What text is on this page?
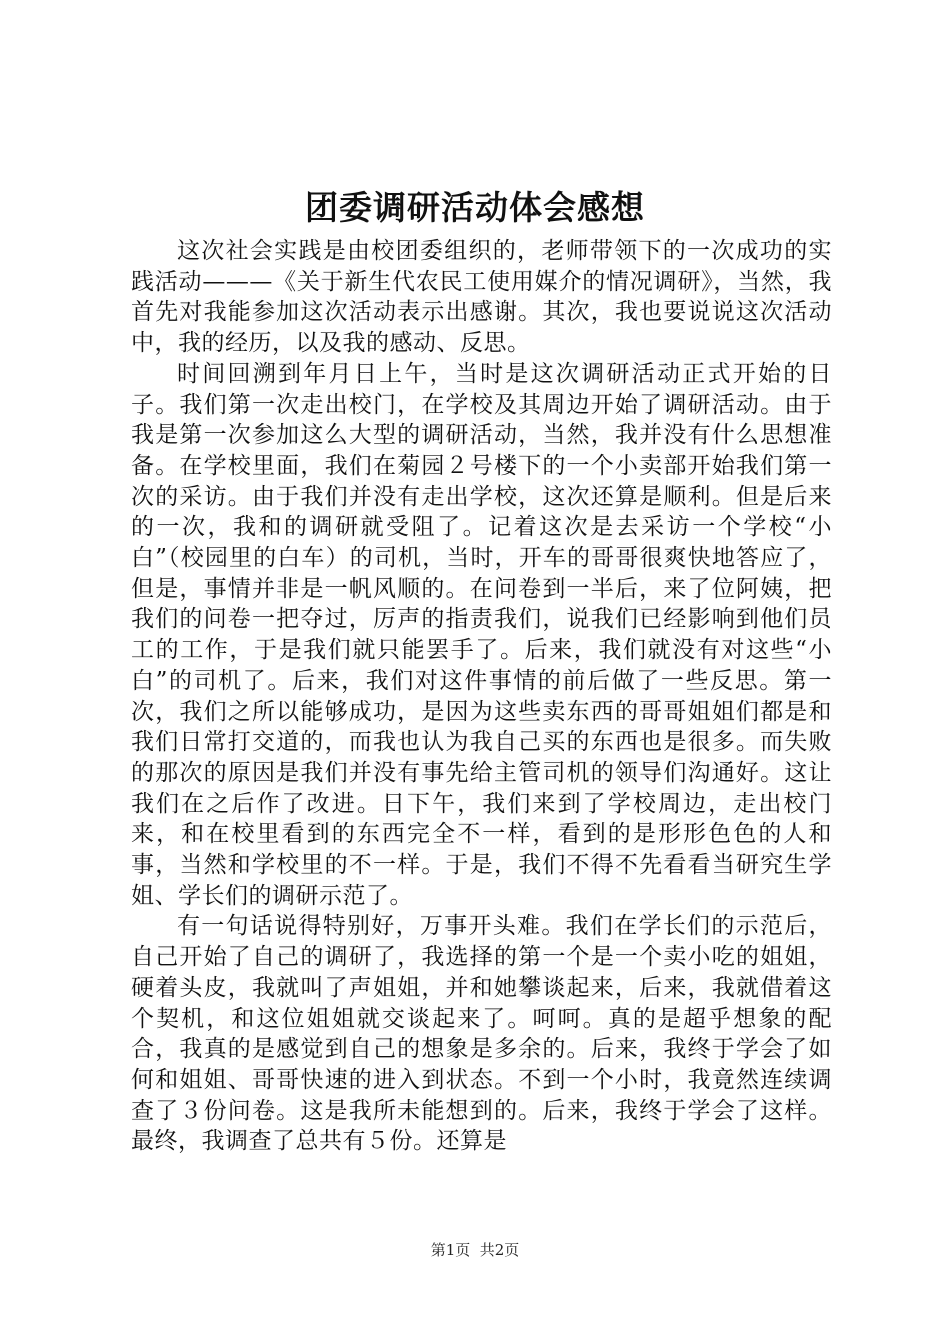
团委调研活动体会感想

这次社会实践是由校团委组织的，老师带领下的一次成功的实践活动———《关于新生代农民工使用媒介的情况调研》，当然，我首先对我能参加这次活动表示出感谢。其次，我也要说说这次活动中，我的经历，以及我的感动、反思。

时间回溯到年月日上午，当时是这次调研活动正式开始的日子。我们第一次走出校门，在学校及其周边开始了调研活动。由于我是第一次参加这么大型的调研活动，当然，我并没有什么思想准备。在学校里面，我们在菊园２号楼下的一个小卖部开始我们第一次的采访。由于我们并没有走出学校，这次还算是顺利。但是后来的一次，我和的调研就受阻了。记着这次是去采访一个学校“小白”（校园里的白车）的司机，当时，开车的哥哥很爽快地答应了，但是，事情并非是一帆风顺的。在问卷到一半后，来了位阿姨，把我们的问卷一把夺过，厉声的指责我们，说我们已经影响到他们员工的工作，于是我们就只能罢手了。后来，我们就没有对这些“小白”的司机了。后来，我们对这件事情的前后做了一些反思。第一次，我们之所以能够成功，是因为这些卖东西的哥哥姐姐们都是和我们日常打交道的，而我也认为我自己买的东西也是很多。而失败的那次的原因是我们并没有事先给主管司机的领导们沟通好。这让我们在之后作了改进。日下午，我们来到了学校周边，走出校门来，和在校里看到的东西完全不一样，看到的是形形色色的人和事，当然和学校里的不一样。于是，我们不得不先看看当研究生学姐、学长们的调研示范了。

有一句话说得特别好，万事开头难。我们在学长们的示范后，自己开始了自己的调研了，我选择的第一个是一个卖小吃的姐姐，硬着头皮，我就叫了声姐姐，并和她攀谈起来，后来，我就借着这个契机，和这位姐姐就交谈起来了。呵呵。真的是超乎想象的配合，我真的是感觉到自己的想象是多余的。后来，我终于学会了如何和姐姐、哥哥快速的进入到状态。不到一个小时，我竟然连续调查了３份问卷。这是我所未能想到的。后来，我终于学会了这样。最终，我调查了总共有５份。还算是

第1页  共2页
